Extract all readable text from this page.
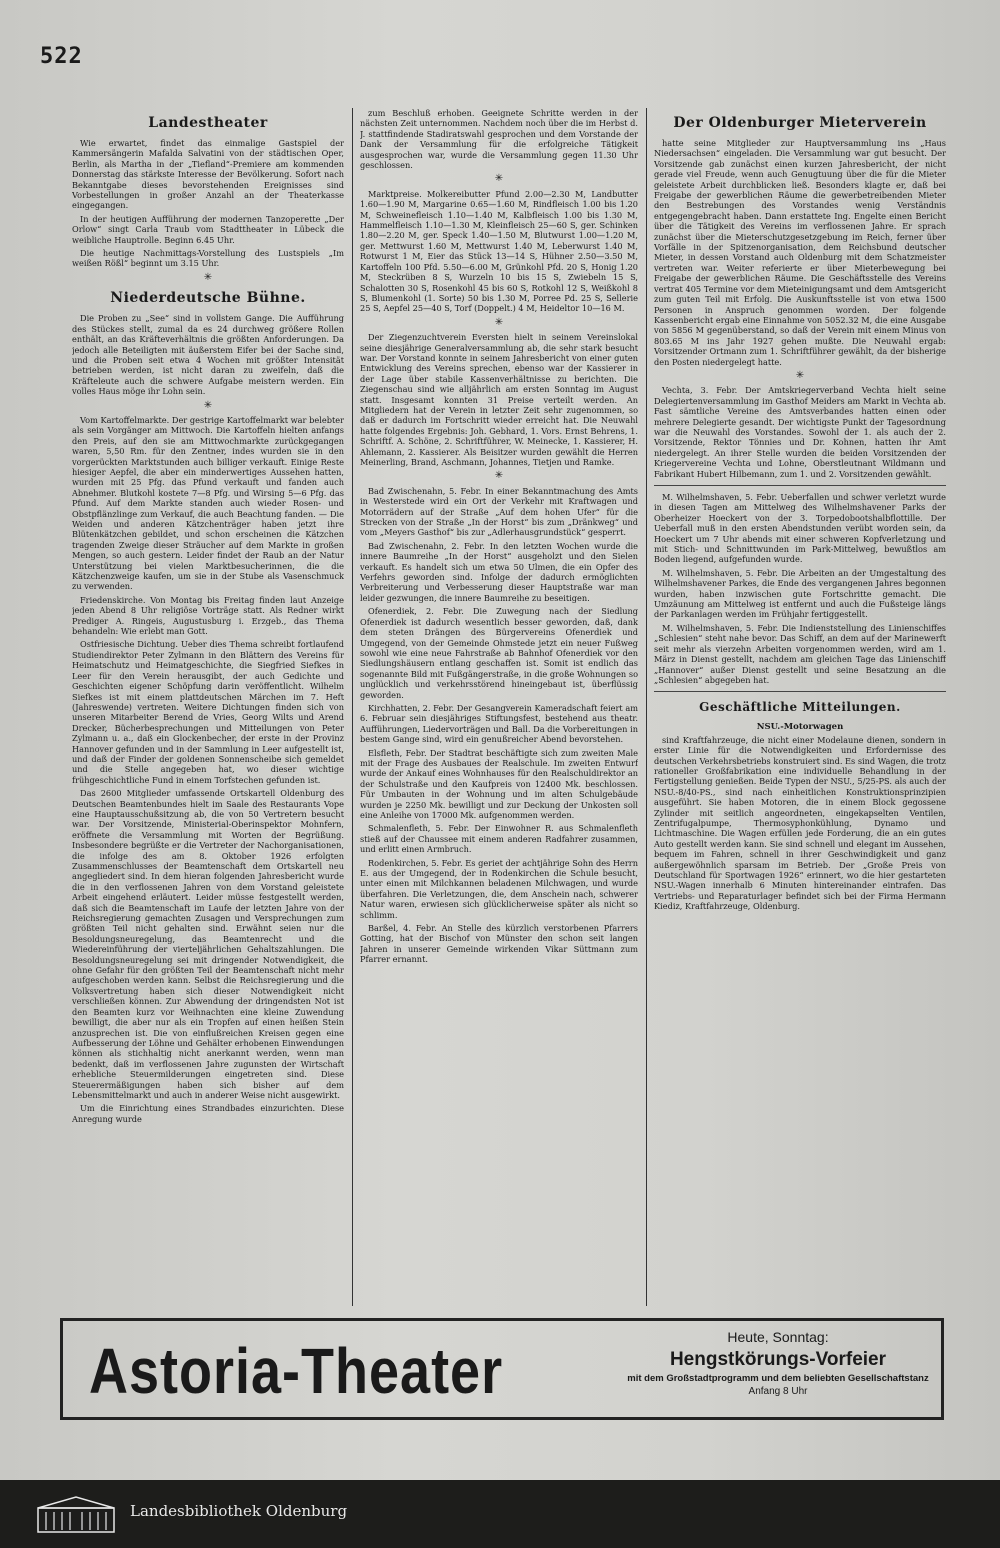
522
Landestheater

Wie erwartet, findet das einmalige Gastspiel der Kammersängerin Mafalda Salvatini von der städtischen Oper, Berlin, als Martha in der „Tiefland“-Premiere am kommenden Donnerstag das stärkste Interesse der Bevölkerung. Sofort nach Bekanntgabe dieses bevorstehenden Ereignisses sind Vorbestellungen in großer Anzahl an der Theaterkasse eingegangen.

In der heutigen Aufführung der modernen Tanzoperette „Der Orlow“ singt Carla Traub vom Stadttheater in Lübeck die weibliche Hauptrolle. Beginn 6.45 Uhr.

Die heutige Nachmittags-Vorstellung des Lustspiels „Im weißen Rößl“ beginnt um 3.15 Uhr.

✳
Niederdeutsche Bühne.

Die Proben zu „See“ sind in vollstem Gange. Die Aufführung des Stückes stellt, zumal da es 24 durchweg größere Rollen enthält, an das Kräfteverhältnis die größten Anforderungen. Da jedoch alle Beteiligten mit äußerstem Eifer bei der Sache sind, und die Proben seit etwa 4 Wochen mit größter Intensität betrieben werden, ist nicht daran zu zweifeln, daß die Kräfteleute auch die schwere Aufgabe meistern werden. Ein volles Haus möge ihr Lohn sein.

✳

Vom Kartoffelmarkte. Der gestrige Kartoffelmarkt war belebter als sein Vorgänger am Mittwoch. Die Kartoffeln hielten anfangs den Preis, auf den sie am Mittwochmarkte zurückgegangen waren, 5,50 Rm. für den Zentner, indes wurden sie in den vorgerückten Marktstunden auch billiger verkauft. Einige Reste hiesiger Aepfel, die aber ein minderwertiges Aussehen hatten, wurden mit 25 Pfg. das Pfund verkauft und fanden auch Abnehmer. Blutkohl kostete 7—8 Pfg. und Wirsing 5—6 Pfg. das Pfund. Auf dem Markte standen auch wieder Rosen- und Obstpflänzlinge zum Verkauf, die auch Beachtung fanden. — Die Weiden und anderen Kätzchenträger haben jetzt ihre Blütenkätzchen gebildet, und schon erscheinen die Kätzchen tragenden Zweige dieser Sträucher auf dem Markte in großen Mengen, so auch gestern. Leider findet der Raub an der Natur Unterstützung bei vielen Marktbesucherinnen, die die Kätzchenzweige kaufen, um sie in der Stube als Vasenschmuck zu verwenden.

Friedenskirche. Von Montag bis Freitag finden laut Anzeige jeden Abend 8 Uhr religiöse Vorträge statt. Als Redner wirkt Prediger A. Ringeis, Augustusburg i. Erzgeb., das Thema behandeln: Wie erlebt man Gott.

Ostfriesische Dichtung. Ueber dies Thema schreibt fortlaufend Studiendirektor Peter Zylmann in den Blättern des Vereins für Heimatschutz und Heimatgeschichte, die Siegfried Siefkes in Leer für den Verein herausgibt, der auch Gedichte und Geschichten eigener Schöpfung darin veröffentlicht. Wilhelm Siefkes ist mit einem plattdeutschen Märchen im 7. Heft (Jahreswende) vertreten. Weitere Dichtungen finden sich von unseren Mitarbeiter Berend de Vries, Georg Wilts und Arend Drecker, Bücherbesprechungen und Mitteilungen von Peter Zylmann u. a., daß ein Glockenbecher, der erste in der Provinz Hannover gefunden und in der Sammlung in Leer aufgestellt ist, und daß der Finder der goldenen Sonnenscheibe sich gemeldet und die Stelle angegeben hat, wo dieser wichtige frühgeschichtliche Fund in einem Torfstechen gefunden ist.

Das 2600 Mitglieder umfassende Ortskartell Oldenburg des Deutschen Beamtenbundes hielt im Saale des Restaurants Vope eine Hauptausschußsitzung ab, die von 50 Vertretern besucht war. Der Vorsitzende, Ministerial-Oberinspektor Mohnfern, eröffnete die Versammlung mit Worten der Begrüßung. Insbesondere begrüßte er die Vertreter der Nachorganisationen, die infolge des am 8. Oktober 1926 erfolgten Zusammenschlusses der Beamtenschaft dem Ortskartell neu angegliedert sind. In dem hieran folgenden Jahresbericht wurde die in den verflossenen Jahren von dem Vorstand geleistete Arbeit eingehend erläutert. Leider müsse festgestellt werden, daß sich die Beamtenschaft im Laufe der letzten Jahre von der Reichsregierung gemachten Zusagen und Versprechungen zum größten Teil nicht gehalten sind. Erwähnt seien nur die Besoldungsneuregelung, das Beamtenrecht und die Wiedereinführung der vierteljährlichen Gehaltszahlungen. Die Besoldungsneuregelung sei mit dringender Notwendigkeit, die ohne Gefahr für den größten Teil der Beamtenschaft nicht mehr aufgeschoben werden kann. Selbst die Reichsregierung und die Volksvertretung haben sich dieser Notwendigkeit nicht verschließen können. Zur Abwendung der dringendsten Not ist den Beamten kurz vor Weihnachten eine kleine Zuwendung bewilligt, die aber nur als ein Tropfen auf einen heißen Stein anzusprechen ist. Die von einflußreichen Kreisen gegen eine Aufbesserung der Löhne und Gehälter erhobenen Einwendungen können als stichhaltig nicht anerkannt werden, wenn man bedenkt, daß im verflossenen Jahre zugunsten der Wirtschaft erhebliche Steuermilderungen eingetreten sind. Diese Steuerermäßigungen haben sich bisher auf dem Lebensmittelmarkt und auch in anderer Weise nicht ausgewirkt.

Um die Einrichtung eines Strandbades einzurichten. Diese Anregung wurde

zum Beschluß erhoben. Geeignete Schritte werden in der nächsten Zeit unternommen. Nachdem noch über die im Herbst d. J. stattfindende Stadiratswahl gesprochen und dem Vorstande der Dank der Versammlung für die erfolgreiche Tätigkeit ausgesprochen war, wurde die Versammlung gegen 11.30 Uhr geschlossen.

✳

Marktpreise. Molkereibutter Pfund 2.00—2.30 M, Landbutter 1.60—1.90 M, Margarine 0.65—1.60 M, Rindfleisch 1.00 bis 1.20 M, Schweinefleisch 1.10—1.40 M, Kalbfleisch 1.00 bis 1.30 M, Hammelfleisch 1.10—1.30 M, Kleinfleisch 25—60 S, ger. Schinken 1.80—2.20 M, ger. Speck 1.40—1.50 M, Blutwurst 1.00—1.20 M, ger. Mettwurst 1.60 M, Mettwurst 1.40 M, Leberwurst 1.40 M, Rotwurst 1 M, Eier das Stück 13—14 S, Hühner 2.50—3.50 M, Kartoffeln 100 Pfd. 5.50—6.00 M, Grünkohl Pfd. 20 S, Honig 1.20 M, Steckrüben 8 S, Wurzeln 10 bis 15 S, Zwiebeln 15 S, Schalotten 30 S, Rosenkohl 45 bis 60 S, Rotkohl 12 S, Weißkohl 8 S, Blumenkohl (1. Sorte) 50 bis 1.30 M, Porree Pd. 25 S, Sellerie 25 S, Aepfel 25—40 S, Torf (Doppelt.) 4 M, Heideltor 10—16 M.

✳

Der Ziegenzuchtverein Eversten hielt in seinem Vereinslokal seine diesjährige Generalversammlung ab, die sehr stark besucht war. Der Vorstand konnte in seinem Jahresbericht von einer guten Entwicklung des Vereins sprechen, ebenso war der Kassierer in der Lage über stabile Kassenverhältnisse zu berichten. Die Ziegenschau sind wie alljährlich am ersten Sonntag im August statt. Insgesamt konnten 31 Preise verteilt werden. An Mitgliedern hat der Verein in letzter Zeit sehr zugenommen, so daß er dadurch im Fortschritt wieder erreicht hat. Die Neuwahl hatte folgendes Ergebnis: Joh. Gebhard, 1. Vors. Ernst Behrens, 1. Schriftf. A. Schöne, 2. Schriftführer, W. Meinecke, 1. Kassierer, H. Ahlemann, 2. Kassierer. Als Beisitzer wurden gewählt die Herren Meinerling, Brand, Aschmann, Johannes, Tietjen und Ramke.

✳

Bad Zwischenahn, 5. Febr. In einer Bekanntmachung des Amts in Westerstede wird ein Ort der Verkehr mit Kraftwagen und Motorrädern auf der Straße „Auf dem hohen Ufer“ für die Strecken von der Straße „In der Horst“ bis zum „Dränkweg“ und vom „Meyers Gasthof“ bis zur „Adlerhausgrundstück“ gesperrt.

Bad Zwischenahn, 2. Febr. In den letzten Wochen wurde die innere Baumreihe „In der Horst“ ausgeholzt und den Sielen verkauft. Es handelt sich um etwa 50 Ulmen, die ein Opfer des Verfehrs geworden sind. Infolge der dadurch ermöglichten Verbreiterung und Verbesserung dieser Hauptstraße war man leider gezwungen, die innere Baumreihe zu beseitigen.

Ofenerdiek, 2. Febr. Die Zuwegung nach der Siedlung Ofenerdiek ist dadurch wesentlich besser geworden, daß, dank dem steten Drängen des Bürgervereins Ofenerdiek und Umgegend, von der Gemeinde Ohmstede jetzt ein neuer Fußweg sowohl wie eine neue Fahrstraße ab Bahnhof Ofenerdiek vor den Siedlungshäusern entlang geschaffen ist. Somit ist endlich das sogenannte Bild mit Fußgängerstraße, in die große Wohnungen so unglücklich und verkehrsstörend hineingebaut ist, überflüssig geworden.

Kirchhatten, 2. Febr. Der Gesangverein Kameradschaft feiert am 6. Februar sein diesjähriges Stiftungsfest, bestehend aus theatr. Aufführungen, Liedervorträgen und Ball. Da die Vorbereitungen in bestem Gange sind, wird ein genußreicher Abend bevorstehen.

Elsfleth, Febr. Der Stadtrat beschäftigte sich zum zweiten Male mit der Frage des Ausbaues der Realschule. Im zweiten Entwurf wurde der Ankauf eines Wohnhauses für den Realschuldirektor an der Schulstraße und den Kaufpreis von 12400 Mk. beschlossen. Für Umbauten in der Wohnung und im alten Schulgebäude wurden je 2250 Mk. bewilligt und zur Deckung der Unkosten soll eine Anleihe von 17000 Mk. aufgenommen werden.

Schmalenfleth, 5. Febr. Der Einwohner R. aus Schmalenfleth stieß auf der Chaussee mit einem anderen Radfahrer zusammen, und erlitt einen Armbruch.

Rodenkirchen, 5. Febr. Es geriet der achtjährige Sohn des Herrn E. aus der Umgegend, der in Rodenkirchen die Schule besucht, unter einen mit Milchkannen beladenen Milchwagen, und wurde überfahren. Die Verletzungen, die, dem Anschein nach, schwerer Natur waren, erwiesen sich glücklicherweise später als nicht so schlimm.

Barßel, 4. Febr. An Stelle des kürzlich verstorbenen Pfarrers Gotting, hat der Bischof von Münster den schon seit langen Jahren in unserer Gemeinde wirkenden Vikar Süttmann zum Pfarrer ernannt.

Der Oldenburger Mieterverein

hatte seine Mitglieder zur Hauptversammlung ins „Haus Niedersachsen“ eingeladen. Die Versammlung war gut besucht. Der Vorsitzende gab zunächst einen kurzen Jahresbericht, der nicht gerade viel Freude, wenn auch Genugtuung über die für die Mieter geleistete Arbeit durchblicken ließ. Besonders klagte er, daß bei Freigabe der gewerblichen Räume die gewerbetreibenden Mieter den Bestrebungen des Vorstandes wenig Verständnis entgegengebracht haben. Dann erstattete Ing. Engelte einen Bericht über die Tätigkeit des Vereins im verflossenen Jahre. Er sprach zunächst über die Mieterschutzgesetzgebung im Reich, ferner über Vorfälle in der Spitzenorganisation, dem Reichsbund deutscher Mieter, in dessen Vorstand auch Oldenburg mit dem Schatzmeister vertreten war. Weiter referierte er über Mieterbewegung bei Freigabe der gewerblichen Räume. Die Geschäftsstelle des Vereins vertrat 405 Termine vor dem Mieteinigungsamt und dem Amtsgericht zum guten Teil mit Erfolg. Die Auskunftsstelle ist von etwa 1500 Personen in Anspruch genommen worden. Der folgende Kassenbericht ergab eine Einnahme von 5052.32 M, die eine Ausgabe von 5856 M gegenüberstand, so daß der Verein mit einem Minus von 803.65 M ins Jahr 1927 gehen mußte. Die Neuwahl ergab: Vorsitzender Ortmann zum 1. Schriftführer gewählt, da der bisherige den Posten niedergelegt hatte.

✳

Vechta, 3. Febr. Der Amtskriegerverband Vechta hielt seine Delegiertenversammlung im Gasthof Meiders am Markt in Vechta ab. Fast sämtliche Vereine des Amtsverbandes hatten einen oder mehrere Delegierte gesandt. Der wichtigste Punkt der Tagesordnung war die Neuwahl des Vorstandes. Sowohl der 1. als auch der 2. Vorsitzende, Rektor Tönnies und Dr. Kohnen, hatten ihr Amt niedergelegt. An ihrer Stelle wurden die beiden Vorsitzenden der Kriegervereine Vechta und Lohne, Oberstleutnant Wildmann und Fabrikant Hubert Hilbemann, zum 1. und 2. Vorsitzenden gewählt.

M. Wilhelmshaven, 5. Febr. Ueberfallen und schwer verletzt wurde in diesen Tagen am Mittelweg des Wilhelmshavener Parks der Oberheizer Hoeckert von der 3. Torpedobootshalbflottille. Der Ueberfall muß in den ersten Abendstunden verübt worden sein, da Hoeckert um 7 Uhr abends mit einer schweren Kopfverletzung und mit Stich- und Schnittwunden im Park-Mittelweg, bewußtlos am Boden liegend, aufgefunden wurde.

M. Wilhelmshaven, 5. Febr. Die Arbeiten an der Umgestaltung des Wilhelmshavener Parkes, die Ende des vergangenen Jahres begonnen wurden, haben inzwischen gute Fortschritte gemacht. Die Umzäunung am Mittelweg ist entfernt und auch die Fußsteige längs der Parkanlagen werden im Frühjahr fertiggestellt.

M. Wilhelmshaven, 5. Febr. Die Indienststellung des Linienschiffes „Schlesien“ steht nahe bevor. Das Schiff, an dem auf der Marinewerft seit mehr als vierzehn Arbeiten vorgenommen werden, wird am 1. März in Dienst gestellt, nachdem am gleichen Tage das Linienschiff „Hannover“ außer Dienst gestellt und seine Besatzung an die „Schlesien“ abgegeben hat.

Geschäftliche Mitteilungen.
NSU.-Motorwagen

sind Kraftfahrzeuge, die nicht einer Modelaune dienen, sondern in erster Linie für die Notwendigkeiten und Erfordernisse des deutschen Verkehrsbetriebs konstruiert sind. Es sind Wagen, die trotz rationeller Großfabrikation eine individuelle Behandlung in der Fertigstellung genießen. Beide Typen der NSU., 5/25-PS. als auch der NSU.-8/40-PS., sind nach einheitlichen Konstruktionsprinzipien ausgeführt. Sie haben Motoren, die in einem Block gegossene Zylinder mit seitlich angeordneten, eingekapselten Ventilen, Zentrifugalpumpe, Thermosyphonkühlung, Dynamo und Lichtmaschine. Die Wagen erfüllen jede Forderung, die an ein gutes Auto gestellt werden kann. Sie sind schnell und elegant im Aussehen, bequem im Fahren, schnell in ihrer Geschwindigkeit und ganz außergewöhnlich sparsam im Betrieb. Der „Große Preis von Deutschland für Sportwagen 1926“ erinnert, wo die hier gestarteten NSU.-Wagen innerhalb 6 Minuten hintereinander eintrafen. Das Vertriebs- und Reparaturlager befindet sich bei der Firma Hermann Kiediz, Kraftfahrzeuge, Oldenburg.

Astoria-Theater	Heute, Sonntag:
Hengstkörungs-Vorfeier
mit dem Großstadtprogramm und dem beliebten Gesellschaftstanz
Anfang 8 Uhr
Landesbibliothek Oldenburg
